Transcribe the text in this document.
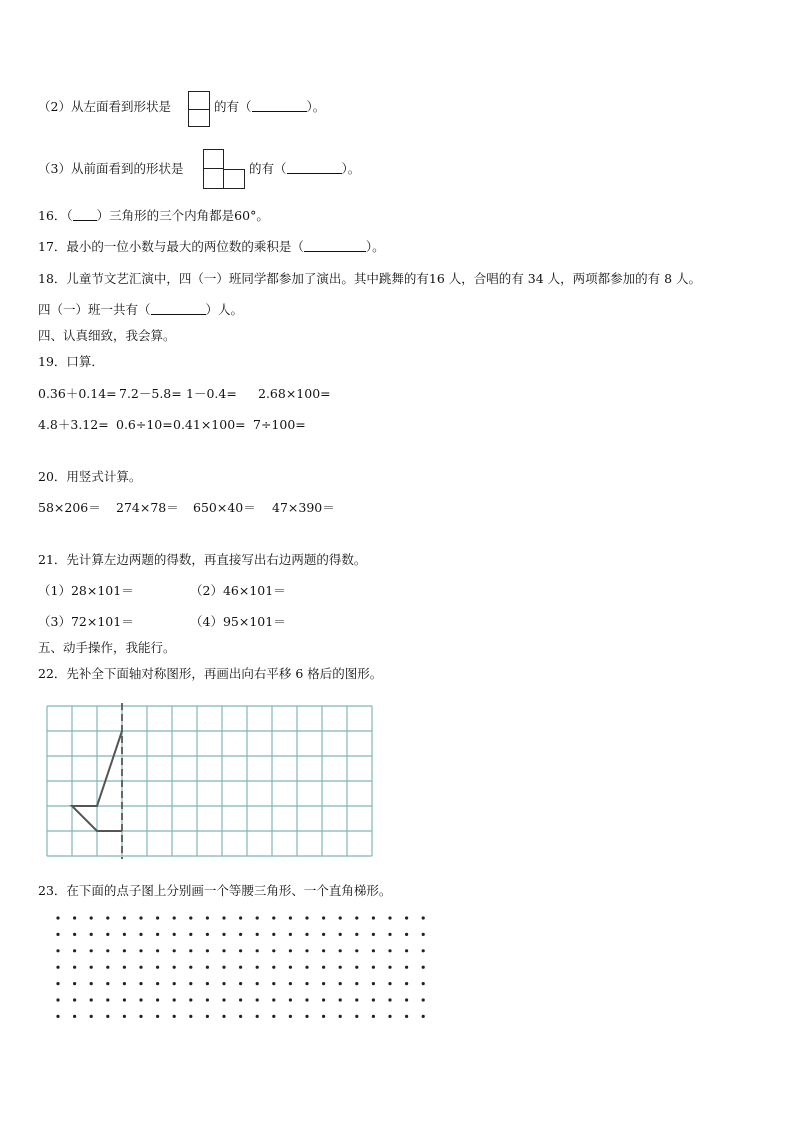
（2）从左面看到形状是	的有（	）。
（3）从前面看到的形状是	的有（	）。
16．（ ）三角形的三个内角都是60°。
17．最小的一位小数与最大的两位数的乘积是（	）。
18．儿童节文艺汇演中，四（一）班同学都参加了演出。其中跳舞的有16 人，合唱的有 34 人，两项都参加的有 8 人。
四（一）班一共有（	）人。
四、认真细致，我会算。
19．口算．
0.36＋0.14= 7.2－5.8= 1－0.4= 2.68×100=
4.8＋3.12= 0.6÷10= 0.41×100= 7÷100=
20．用竖式计算。
58×206＝ 274×78＝ 650×40＝ 47×390＝
21．先计算左边两题的得数，再直接写出右边两题的得数。
（1）28×101＝	（2）46×101＝
（3）72×101＝	（4）95×101＝
五、动手操作，我能行。
22．先补全下面轴对称图形，再画出向右平移 6 格后的图形。
23．在下面的点子图上分别画一个等腰三角形、一个直角梯形。
